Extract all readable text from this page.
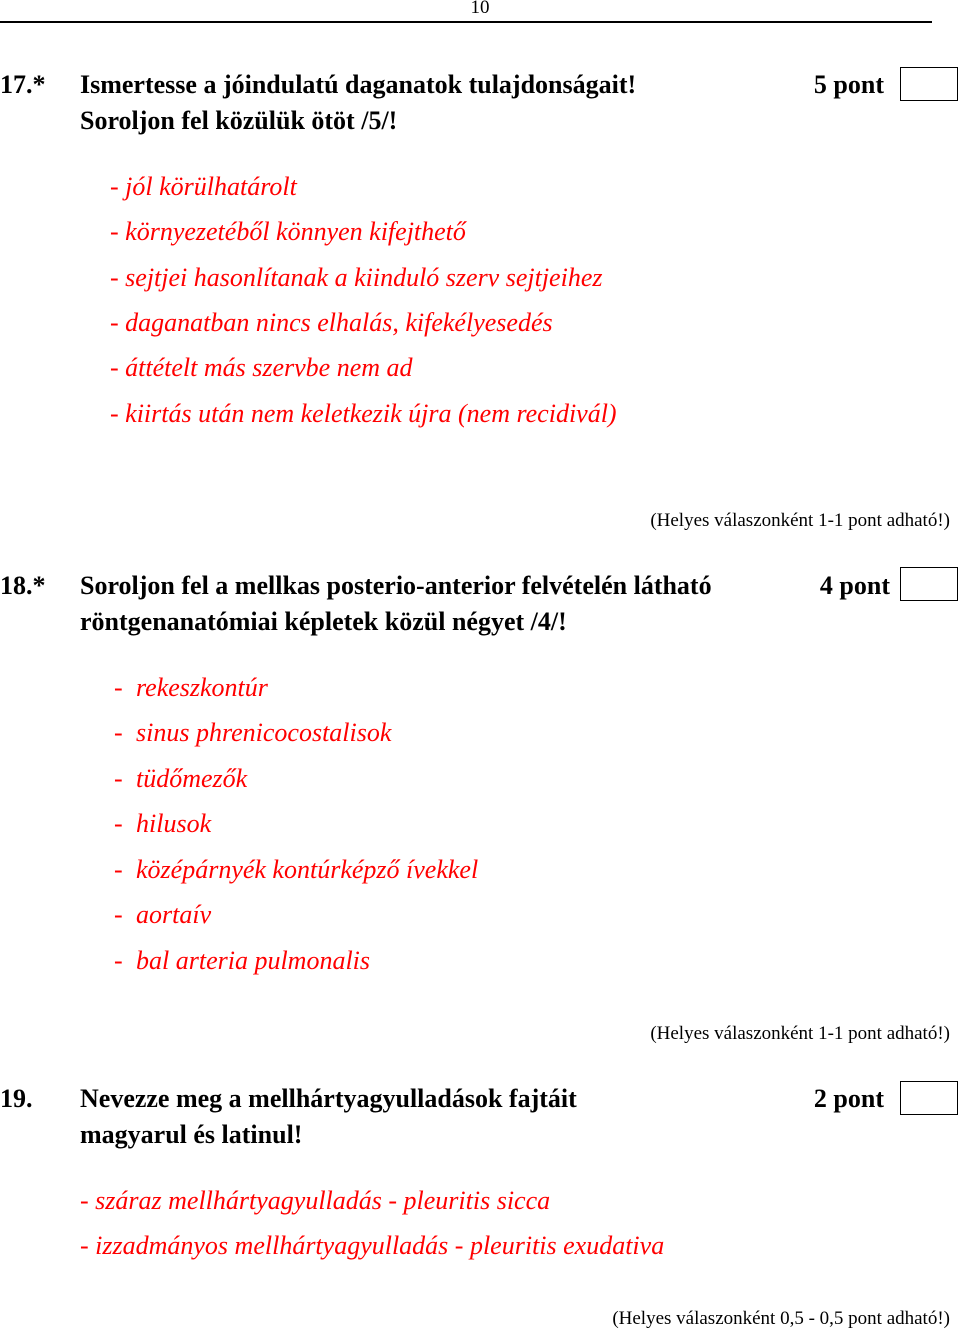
10
17.* Ismertesse a jóindulatú daganatok tulajdonságait!
Soroljon fel közülük ötöt /5/!
5 pont
- jól körülhatárolt
- környezetéből könnyen kifejthető
- sejtjei hasonlítanak a kiinduló szerv sejtjeihez
- daganatban nincs elhalás, kifekélyesedés
- áttételt más szervbe nem ad
- kiirtás után nem keletkezik újra (nem recidivál)
(Helyes válaszonként 1-1 pont adható!)
18.* Soroljon fel a mellkas posterio-anterior felvételén látható
röntgenanatómiai képletek közül négyet /4/!
4 pont
- rekeszkontúr
- sinus phrenicocostalisok
- tüdőmezők
- hilusok
- középárnyék kontúrképző ívekkel
- aortaív
- bal arteria pulmonalis
(Helyes válaszonként 1-1 pont adható!)
19. Nevezze meg a mellhártyagyulladások fajtáit
magyarul és latinul!
2 pont
- száraz mellhártyagyulladás - pleuritis sicca
- izzadmányos mellhártyagyulladás - pleuritis exudativa
(Helyes válaszonként 0,5 - 0,5 pont adható!)
